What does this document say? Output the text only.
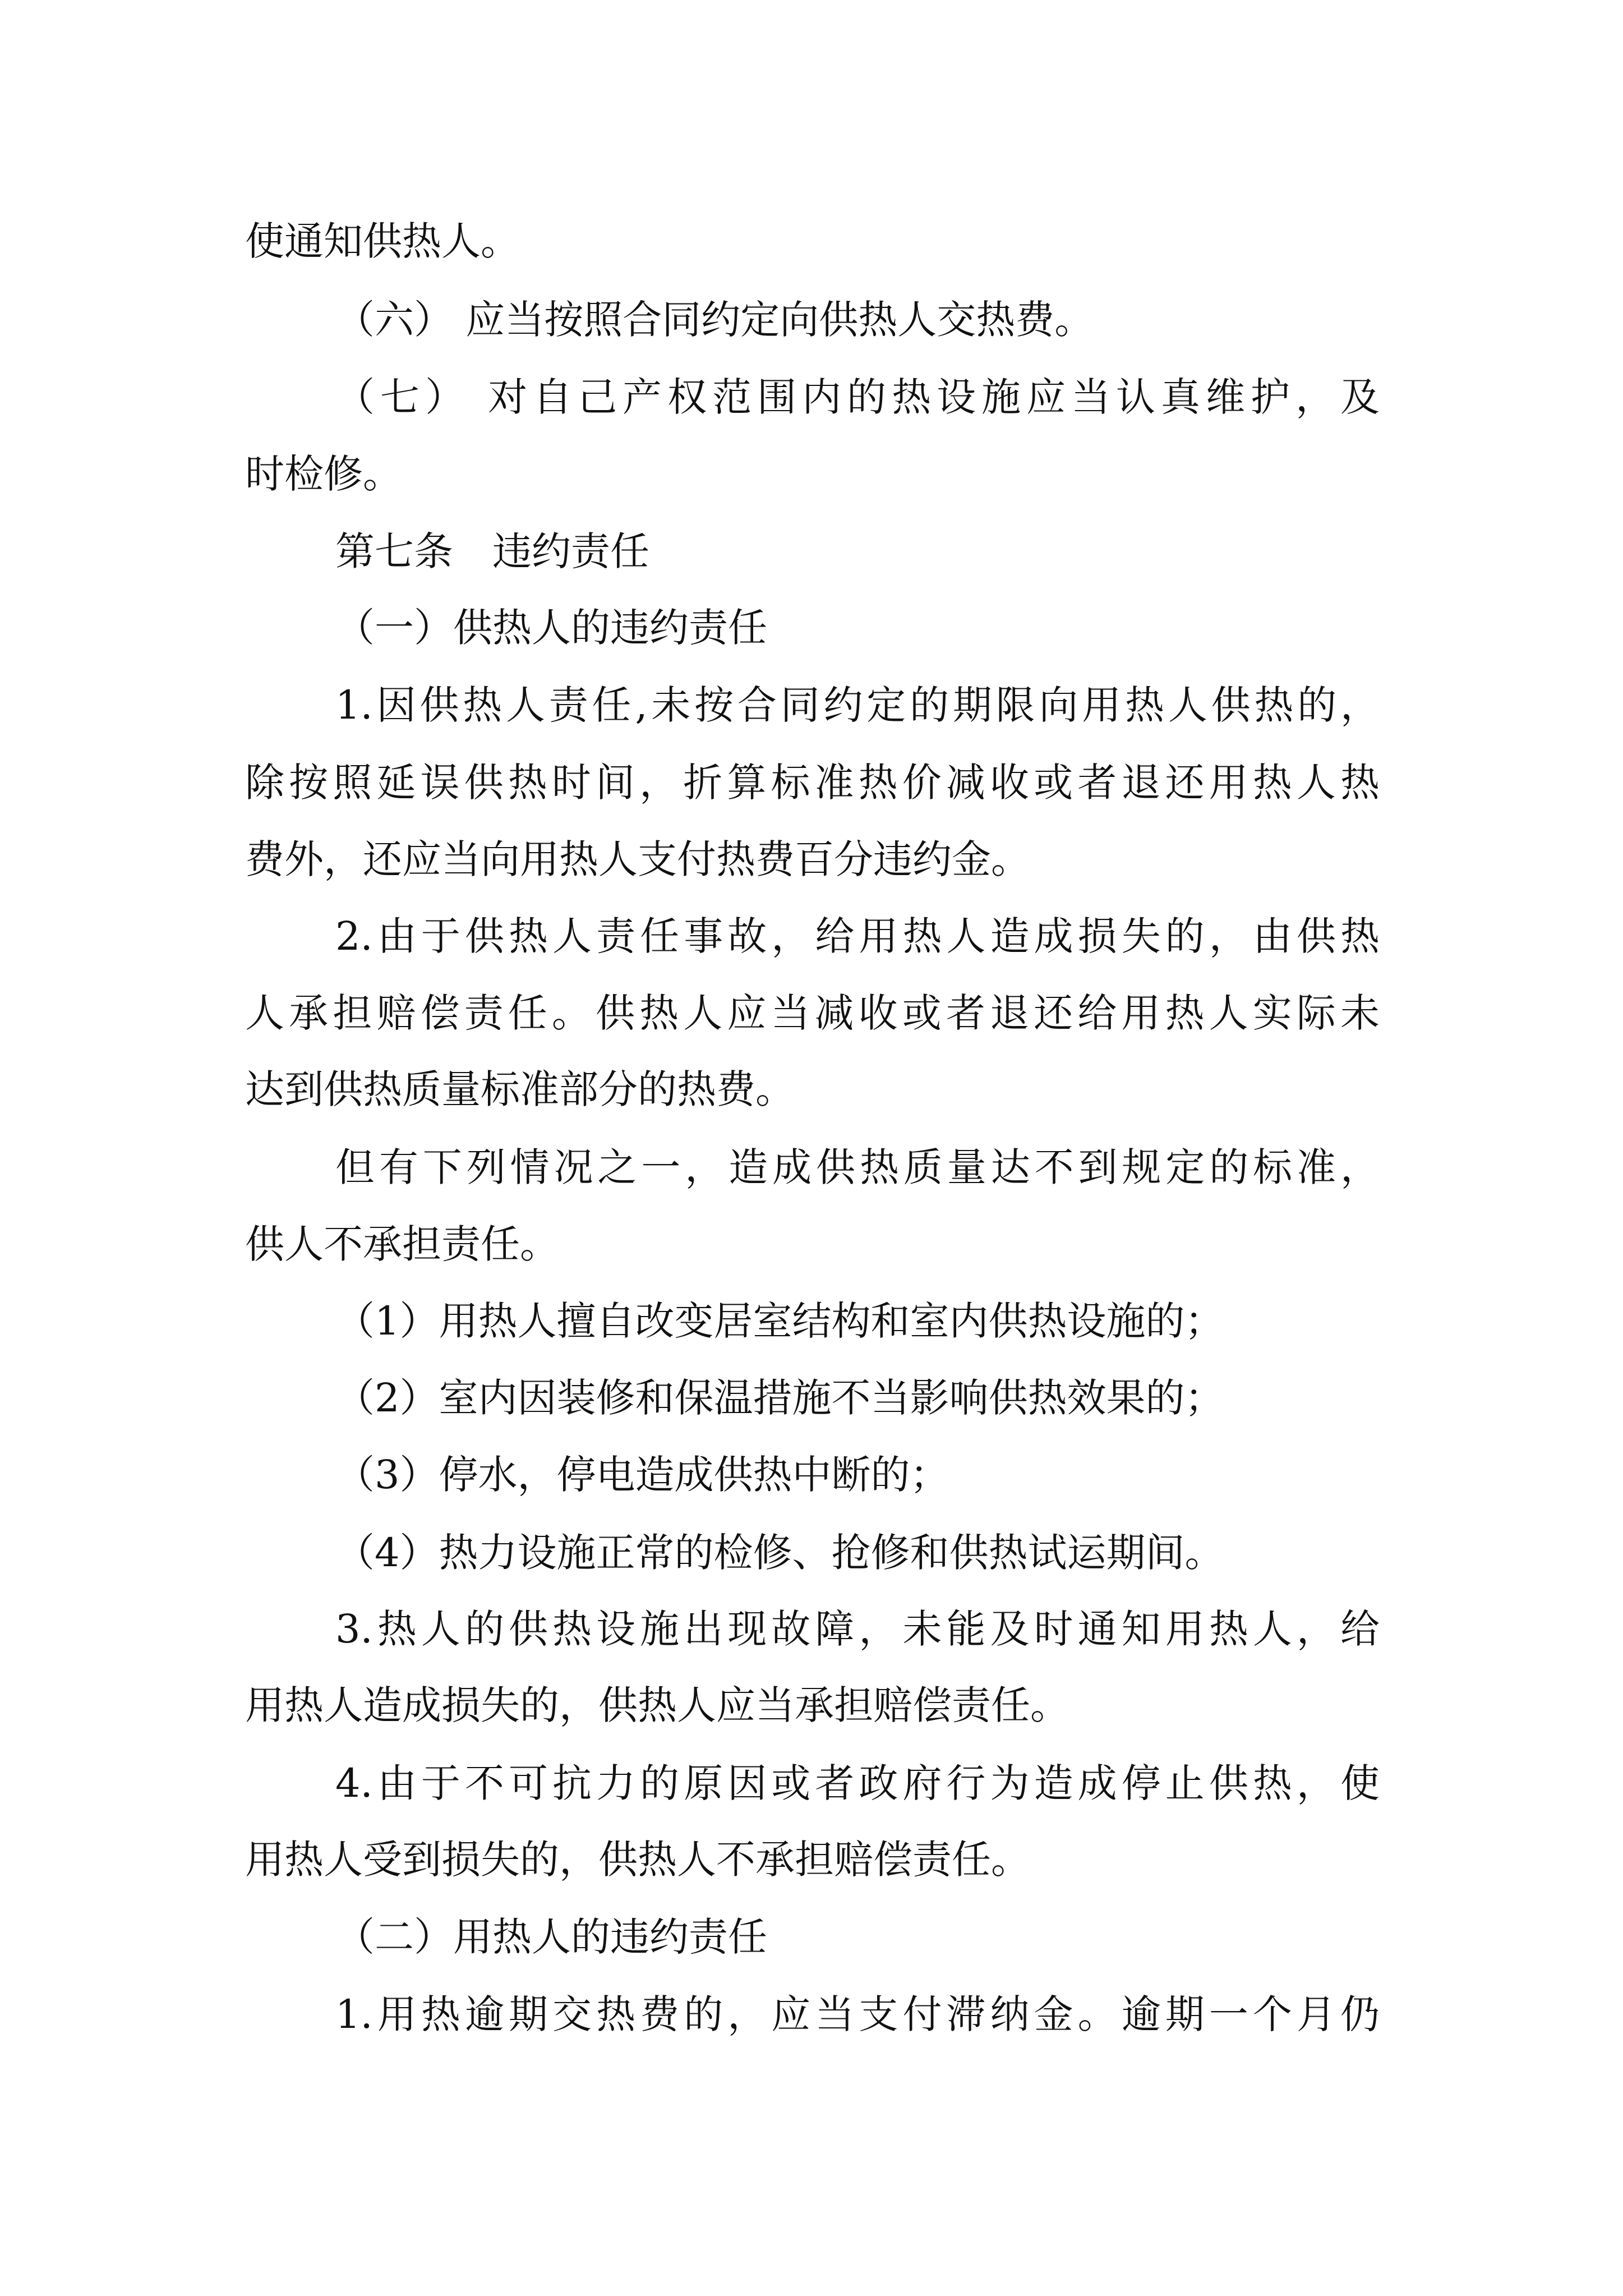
使通知供热人。
（六） 应当按照合同约定向供热人交热费。
（七） 对自己产权范围内的热设施应当认真维护，及
时检修。
第七条　违约责任
（一）供热人的违约责任
1.因供热人责任,未按合同约定的期限向用热人供热的，
除按照延误供热时间，折算标准热价减收或者退还用热人热
费外，还应当向用热人支付热费百分违约金。
2.由于供热人责任事故，给用热人造成损失的，由供热
人承担赔偿责任。供热人应当减收或者退还给用热人实际未
达到供热质量标准部分的热费。
但有下列情况之一，造成供热质量达不到规定的标准，
供人不承担责任。
（1）用热人擅自改变居室结构和室内供热设施的；
（2）室内因装修和保温措施不当影响供热效果的；
（3）停水，停电造成供热中断的；
（4）热力设施正常的检修、抢修和供热试运期间。
3.热人的供热设施出现故障，未能及时通知用热人，给
用热人造成损失的，供热人应当承担赔偿责任。
4.由于不可抗力的原因或者政府行为造成停止供热，使
用热人受到损失的，供热人不承担赔偿责任。
（二）用热人的违约责任
1.用热逾期交热费的，应当支付滞纳金。逾期一个月仍
